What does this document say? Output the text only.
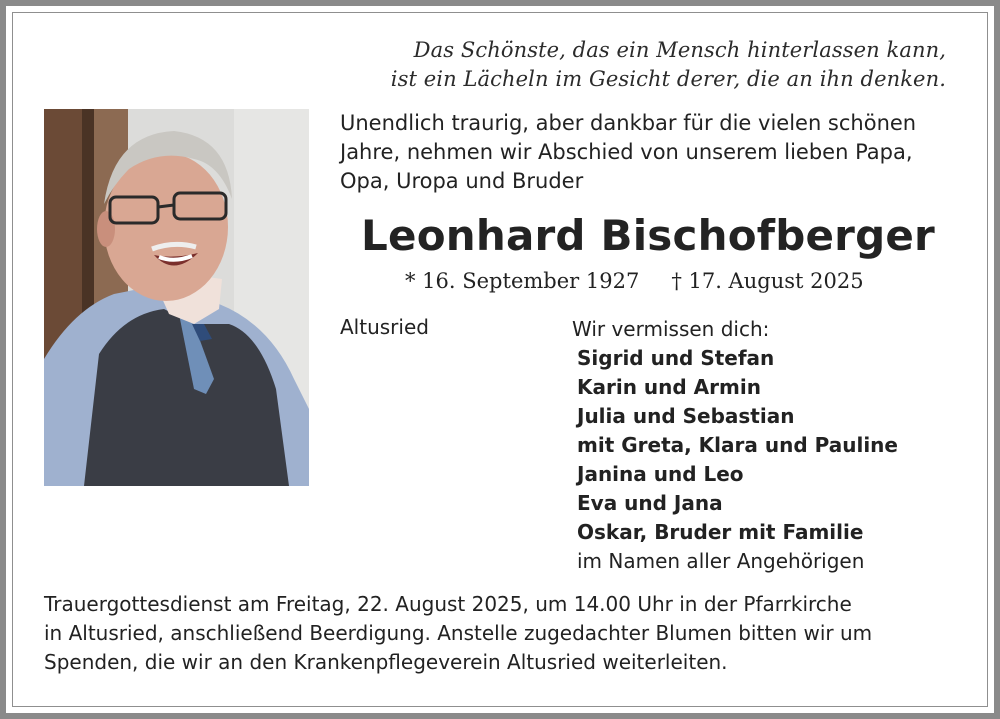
Das Schönste, das ein Mensch hinterlassen kann,
ist ein Lächeln im Gesicht derer, die an ihn denken.
Unendlich traurig, aber dankbar für die vielen schönen
Jahre, nehmen wir Abschied von unserem lieben Papa,
Opa, Uropa und Bruder
Leonhard Bischofberger
* 16. September 1927 † 17. August 2025
Altusried	Wir vermissen dich:
Sigrid und Stefan
Karin und Armin
Julia und Sebastian
mit Greta, Klara und Pauline
Janina und Leo
Eva und Jana
Oskar, Bruder mit Familie
im Namen aller Angehörigen
Trauergottesdienst am Freitag, 22. August 2025, um 14.00 Uhr in der Pfarrkirche
in Altusried, anschließend Beerdigung. Anstelle zugedachter Blumen bitten wir um
Spenden, die wir an den Krankenpflegeverein Altusried weiterleiten.
